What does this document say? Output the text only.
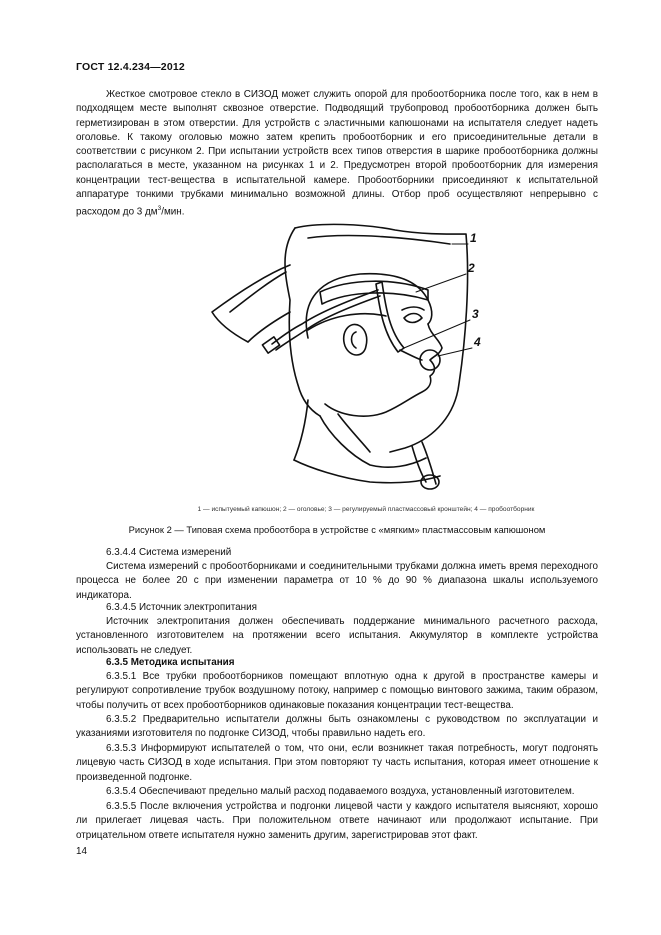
ГОСТ 12.4.234—2012
Жесткое смотровое стекло в СИЗОД может служить опорой для пробоотборника после того, как в нем в подходящем месте выполнят сквозное отверстие. Подводящий трубопровод пробоотборника должен быть герметизирован в этом отверстии. Для устройств с эластичными капюшонами на испытателя следует надеть оголовье. К такому оголовью можно затем крепить пробоотборник и его присоединительные детали в соответствии с рисунком 2. При испытании устройств всех типов отверстия в шарике пробоотборника должны располагаться в месте, указанном на рисунках 1 и 2. Предусмотрен второй пробоотборник для измерения концентрации тест-вещества в испытательной камере. Пробоотборники присоединяют к испытательной аппаратуре тонкими трубками минимально возможной длины. Отбор проб осуществляют непрерывно с расходом до 3 $дм^3$/мин.
1
2
3
4
1 — испытуемый капюшон; 2 — оголовье; 3 — регулируемый пластмассовый кронштейн; 4 — пробоотборник
Рисунок 2 — Типовая схема пробоотбора в устройстве с «мягким» пластмассовым капюшоном
6.3.4.4 Система измерений
Система измерений с пробоотборниками и соединительными трубками должна иметь время переходного процесса не более 20 с при изменении параметра от 10 % до 90 % диапазона шкалы используемого индикатора.
6.3.4.5 Источник электропитания
Источник электропитания должен обеспечивать поддержание минимального расчетного расхода, установленного изготовителем на протяжении всего испытания. Аккумулятор в комплекте устройства использовать не следует.
6.3.5 Методика испытания
6.3.5.1 Все трубки пробоотборников помещают вплотную одна к другой в пространстве камеры и регулируют сопротивление трубок воздушному потоку, например с помощью винтового зажима, таким образом, чтобы получить от всех пробоотборников одинаковые показания концентрации тест-вещества.
6.3.5.2 Предварительно испытатели должны быть ознакомлены с руководством по эксплуатации и указаниями изготовителя по подгонке СИЗОД, чтобы правильно надеть его.
6.3.5.3 Информируют испытателей о том, что они, если возникнет такая потребность, могут подгонять лицевую часть СИЗОД в ходе испытания. При этом повторяют ту часть испытания, которая имеет отношение к произведенной подгонке.
6.3.5.4 Обеспечивают предельно малый расход подаваемого воздуха, установленный изготовителем.
6.3.5.5 После включения устройства и подгонки лицевой части у каждого испытателя выясняют, хорошо ли прилегает лицевая часть. При положительном ответе начинают или продолжают испытание. При отрицательном ответе испытателя нужно заменить другим, зарегистрировав этот факт.
14
